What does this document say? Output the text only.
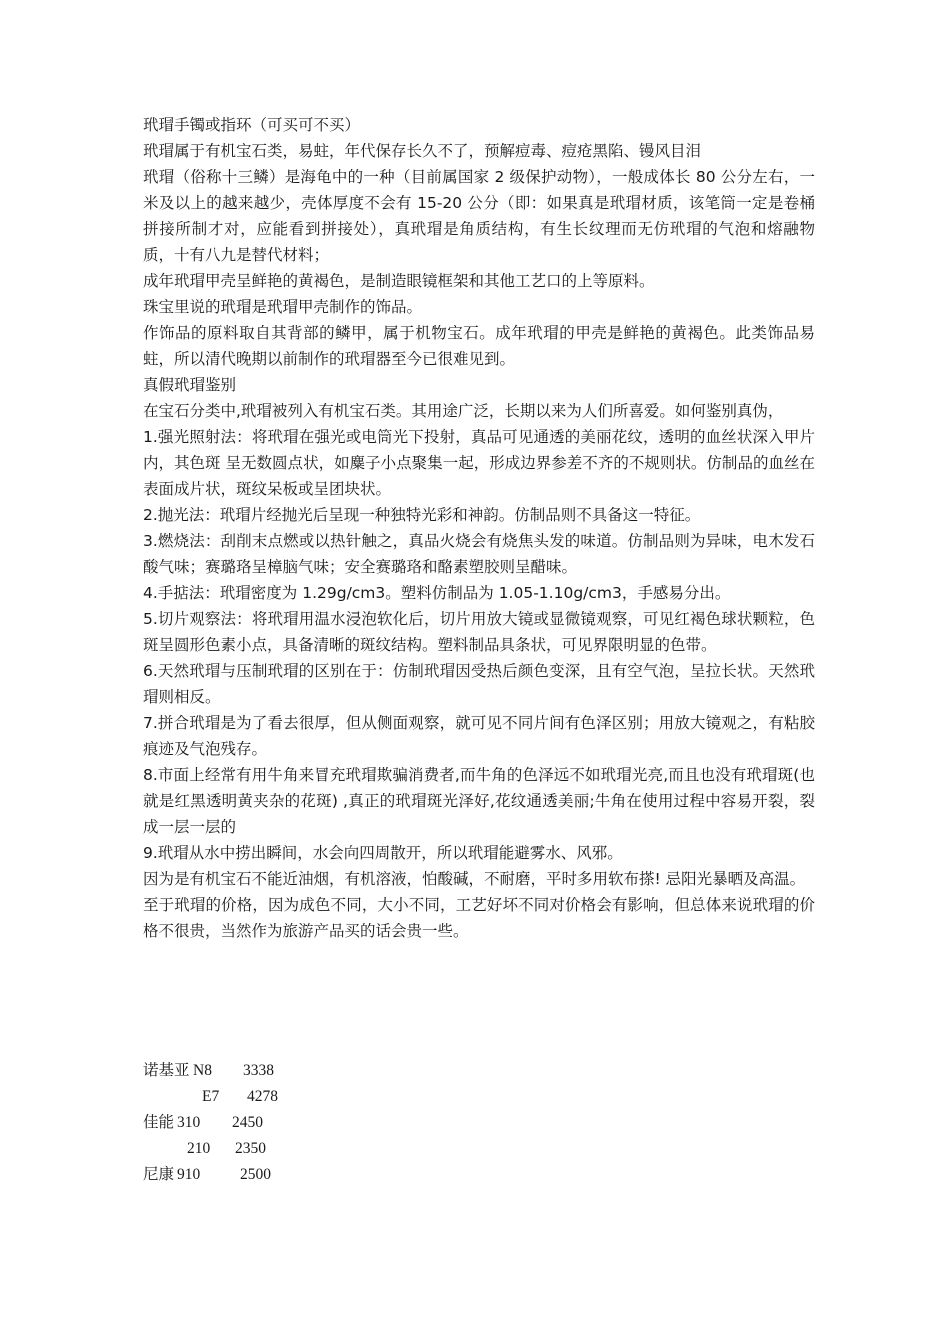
玳瑁手镯或指环（可买可不买）

玳瑁属于有机宝石类，易蛀，年代保存长久不了，预解痘毒、痘疮黑陷、镘风目泪

玳瑁（俗称十三鳞）是海龟中的一种（目前属国家 2 级保护动物），一般成体长 80 公分左右，一米及以上的越来越少，壳体厚度不会有 15-20 公分（即：如果真是玳瑁材质，该笔筒一定是卷桶拼接所制才对，应能看到拼接处），真玳瑁是角质结构，有生长纹理而无仿玳瑁的气泡和熔融物质，十有八九是替代材料；

成年玳瑁甲壳呈鲜艳的黄褐色，是制造眼镜框架和其他工艺口的上等原料。

珠宝里说的玳瑁是玳瑁甲壳制作的饰品。

作饰品的原料取自其背部的鳞甲，属于机物宝石。成年玳瑁的甲壳是鲜艳的黄褐色。此类饰品易蛀，所以清代晚期以前制作的玳瑁器至今已很难见到。

真假玳瑁鉴别

在宝石分类中,玳瑁被列入有机宝石类。其用途广泛，长期以来为人们所喜爱。如何鉴别真伪，

1.强光照射法：将玳瑁在强光或电筒光下投射，真品可见通透的美丽花纹，透明的血丝状深入甲片内，其色斑 呈无数圆点状，如麋子小点聚集一起，形成边界参差不齐的不规则状。仿制品的血丝在表面成片状，斑纹呆板或呈团块状。

2.抛光法：玳瑁片经抛光后呈现一种独特光彩和神韵。仿制品则不具备这一特征。

3.燃烧法：刮削末点燃或以热针触之，真品火烧会有烧焦头发的味道。仿制品则为异味，电木发石酸气味；赛璐珞呈樟脑气味；安全赛璐珞和酪素塑胶则呈醋味。

4.手掂法：玳瑁密度为 1.29g/cm3。塑料仿制品为 1.05-1.10g/cm3，手感易分出。

5.切片观察法：将玳瑁用温水浸泡软化后，切片用放大镜或显微镜观察，可见红褐色球状颗粒，色斑呈圆形色素小点，具备清晰的斑纹结构。塑料制品具条状，可见界限明显的色带。

6.天然玳瑁与压制玳瑁的区别在于：仿制玳瑁因受热后颜色变深，且有空气泡，呈拉长状。天然玳瑁则相反。

7.拼合玳瑁是为了看去很厚，但从侧面观察，就可见不同片间有色泽区别；用放大镜观之，有粘胶痕迹及气泡残存。

8.市面上经常有用牛角来冒充玳瑁欺骗消费者,而牛角的色泽远不如玳瑁光亮,而且也没有玳瑁斑(也就是红黑透明黄夹杂的花斑) ,真正的玳瑁斑光泽好,花纹通透美丽;牛角在使用过程中容易开裂，裂成一层一层的

9.玳瑁从水中捞出瞬间，水会向四周散开，所以玳瑁能避雾水、风邪。

因为是有机宝石不能近油烟，有机溶液，怕酸碱，不耐磨，平时多用软布搽! 忌阳光暴晒及高温。

至于玳瑁的价格，因为成色不同，大小不同，工艺好坏不同对价格会有影响，但总体来说玳瑁的价格不很贵，当然作为旅游产品买的话会贵一些。

诺基亚 N8 3338
E7 4278
佳能 310 2450
210 2350
尼康 910	2500
